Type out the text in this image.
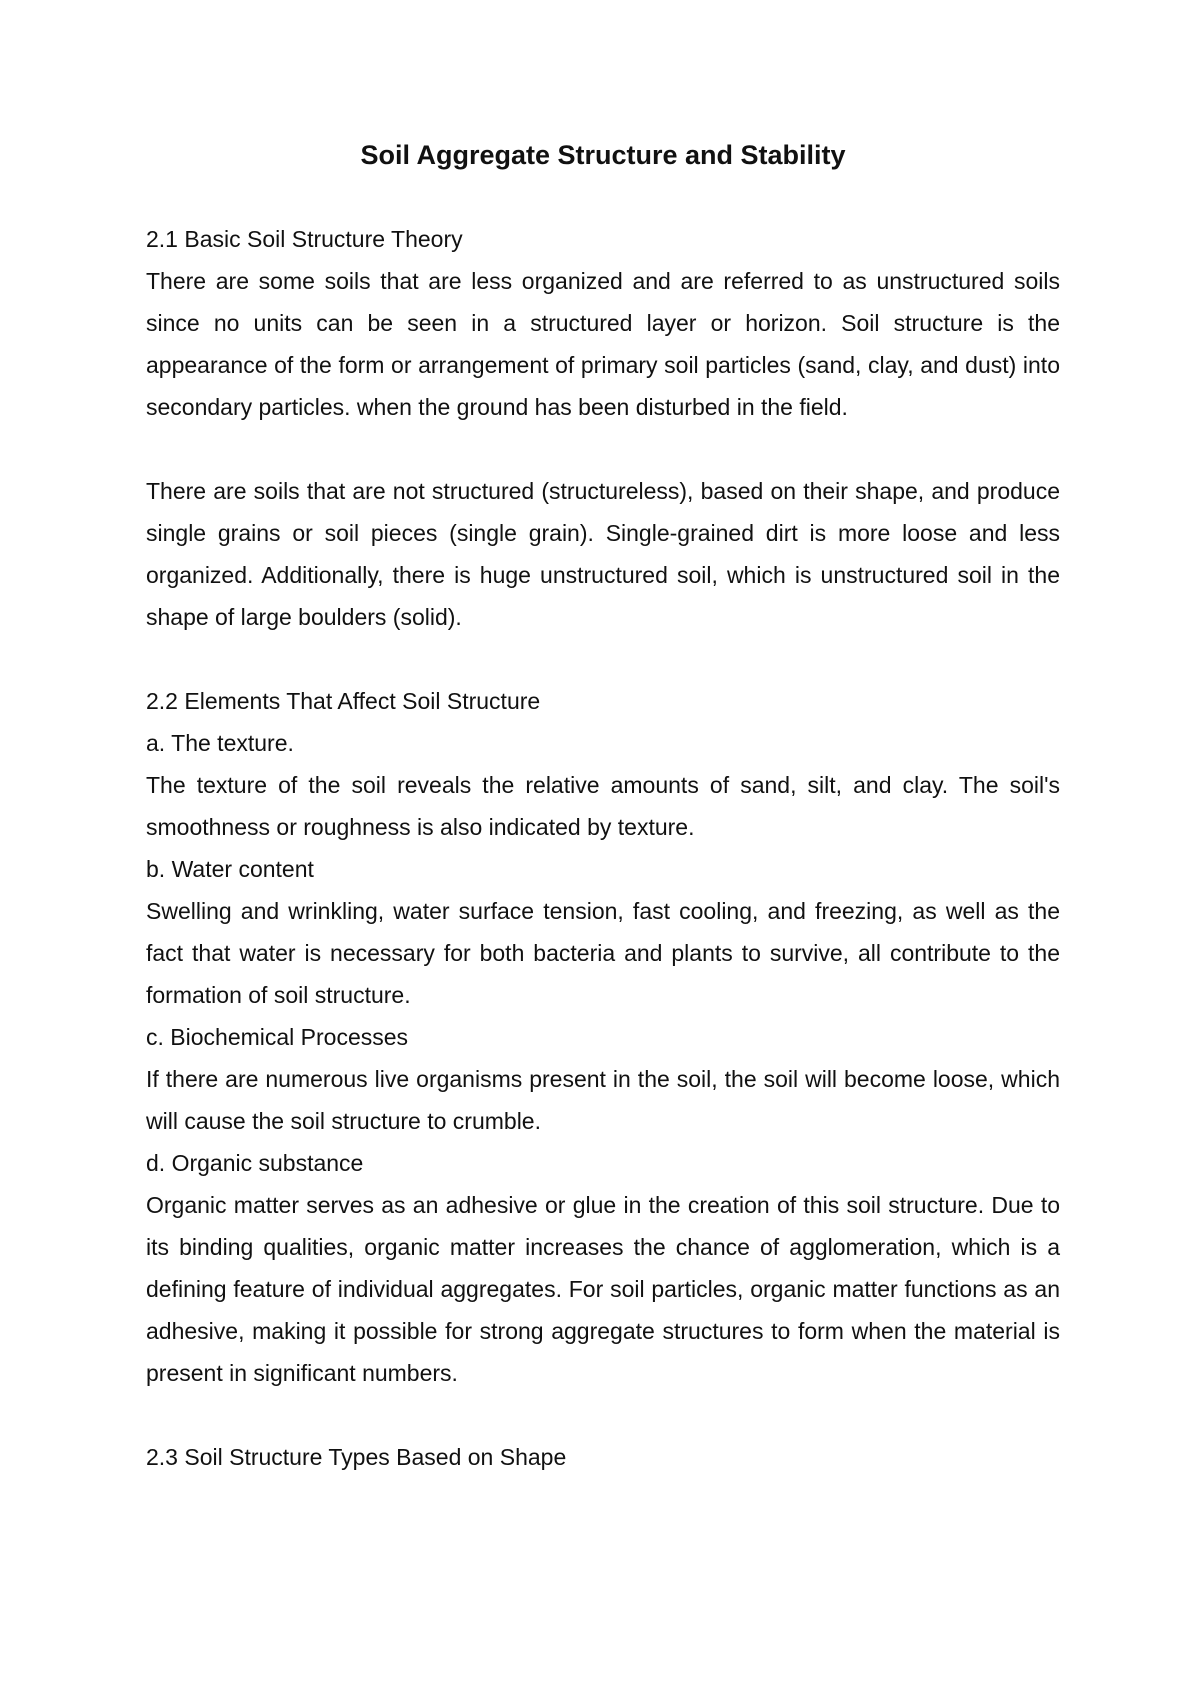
Soil Aggregate Structure and Stability

2.1 Basic Soil Structure Theory

There are some soils that are less organized and are referred to as unstructured soils since no units can be seen in a structured layer or horizon. Soil structure is the appearance of the form or arrangement of primary soil particles (sand, clay, and dust) into secondary particles. when the ground has been disturbed in the field.

There are soils that are not structured (structureless), based on their shape, and produce single grains or soil pieces (single grain). Single-grained dirt is more loose and less organized. Additionally, there is huge unstructured soil, which is unstructured soil in the shape of large boulders (solid).

2.2 Elements That Affect Soil Structure

a. The texture.

The texture of the soil reveals the relative amounts of sand, silt, and clay. The soil's smoothness or roughness is also indicated by texture.

b. Water content

Swelling and wrinkling, water surface tension, fast cooling, and freezing, as well as the fact that water is necessary for both bacteria and plants to survive, all contribute to the formation of soil structure.

c. Biochemical Processes

If there are numerous live organisms present in the soil, the soil will become loose, which will cause the soil structure to crumble.

d. Organic substance

Organic matter serves as an adhesive or glue in the creation of this soil structure. Due to its binding qualities, organic matter increases the chance of agglomeration, which is a defining feature of individual aggregates. For soil particles, organic matter functions as an adhesive, making it possible for strong aggregate structures to form when the material is present in significant numbers.

2.3 Soil Structure Types Based on Shape
